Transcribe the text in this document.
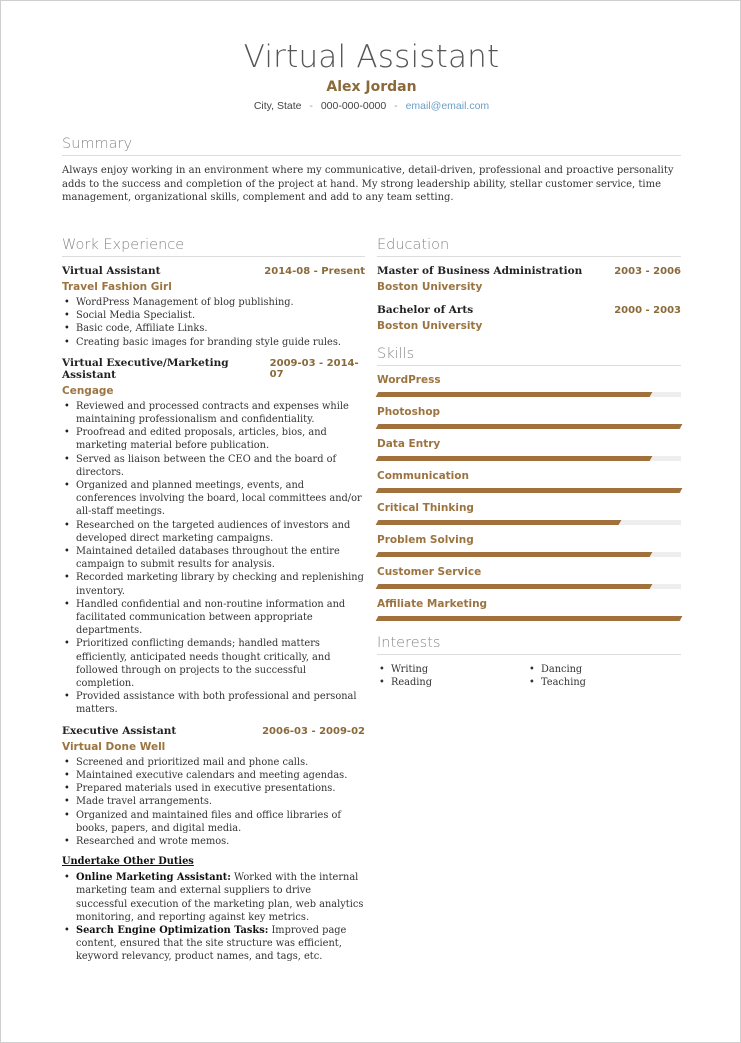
Virtual Assistant
Alex Jordan
City, State - 000-000-0000 - email@email.com
Summary

Always enjoy working in an environment where my communicative, detail-driven, professional and proactive personality adds to the success and completion of the project at hand. My strong leadership ability, stellar customer service, time management, organizational skills, complement and add to any team setting.

Work Experience
Virtual Assistant	2014-08 - Present
Travel Fashion Girl
• WordPress Management of blog publishing.
• Social Media Specialist.
• Basic code, Affiliate Links.
• Creating basic images for branding style guide rules.
Virtual Executive/Marketing Assistant
2009-03 - 2014-07
Cengage
• Reviewed and processed contracts and expenses while maintaining professionalism and confidentiality.
• Proofread and edited proposals, articles, bios, and marketing material before publication.
• Served as liaison between the CEO and the board of directors.
• Organized and planned meetings, events, and conferences involving the board, local committees and/or all-staff meetings.
• Researched on the targeted audiences of investors and developed direct marketing campaigns.
• Maintained detailed databases throughout the entire campaign to submit results for analysis.
• Recorded marketing library by checking and replenishing inventory.
• Handled confidential and non-routine information and facilitated communication between appropriate departments.
• Prioritized conflicting demands; handled matters efficiently, anticipated needs thought critically, and followed through on projects to the successful completion.
• Provided assistance with both professional and personal matters.
Executive Assistant	2006-03 - 2009-02
Virtual Done Well
• Screened and prioritized mail and phone calls.
• Maintained executive calendars and meeting agendas.
• Prepared materials used in executive presentations.
• Made travel arrangements.
• Organized and maintained files and office libraries of books, papers, and digital media.
• Researched and wrote memos.
Undertake Other Duties
• Online Marketing Assistant: Worked with the internal marketing team and external suppliers to drive successful execution of the marketing plan, web analytics monitoring, and reporting against key metrics.
• Search Engine Optimization Tasks: Improved page content, ensured that the site structure was efficient, keyword relevancy, product names, and tags, etc.
Education
Master of Business Administration	2003 - 2006
Boston University
Bachelor of Arts	2000 - 2003
Boston University
Skills
WordPress
Photoshop
Data Entry
Communication
Critical Thinking
Problem Solving
Customer Service
Affiliate Marketing
Interests
• Writing
• Reading
• Dancing
• Teaching
